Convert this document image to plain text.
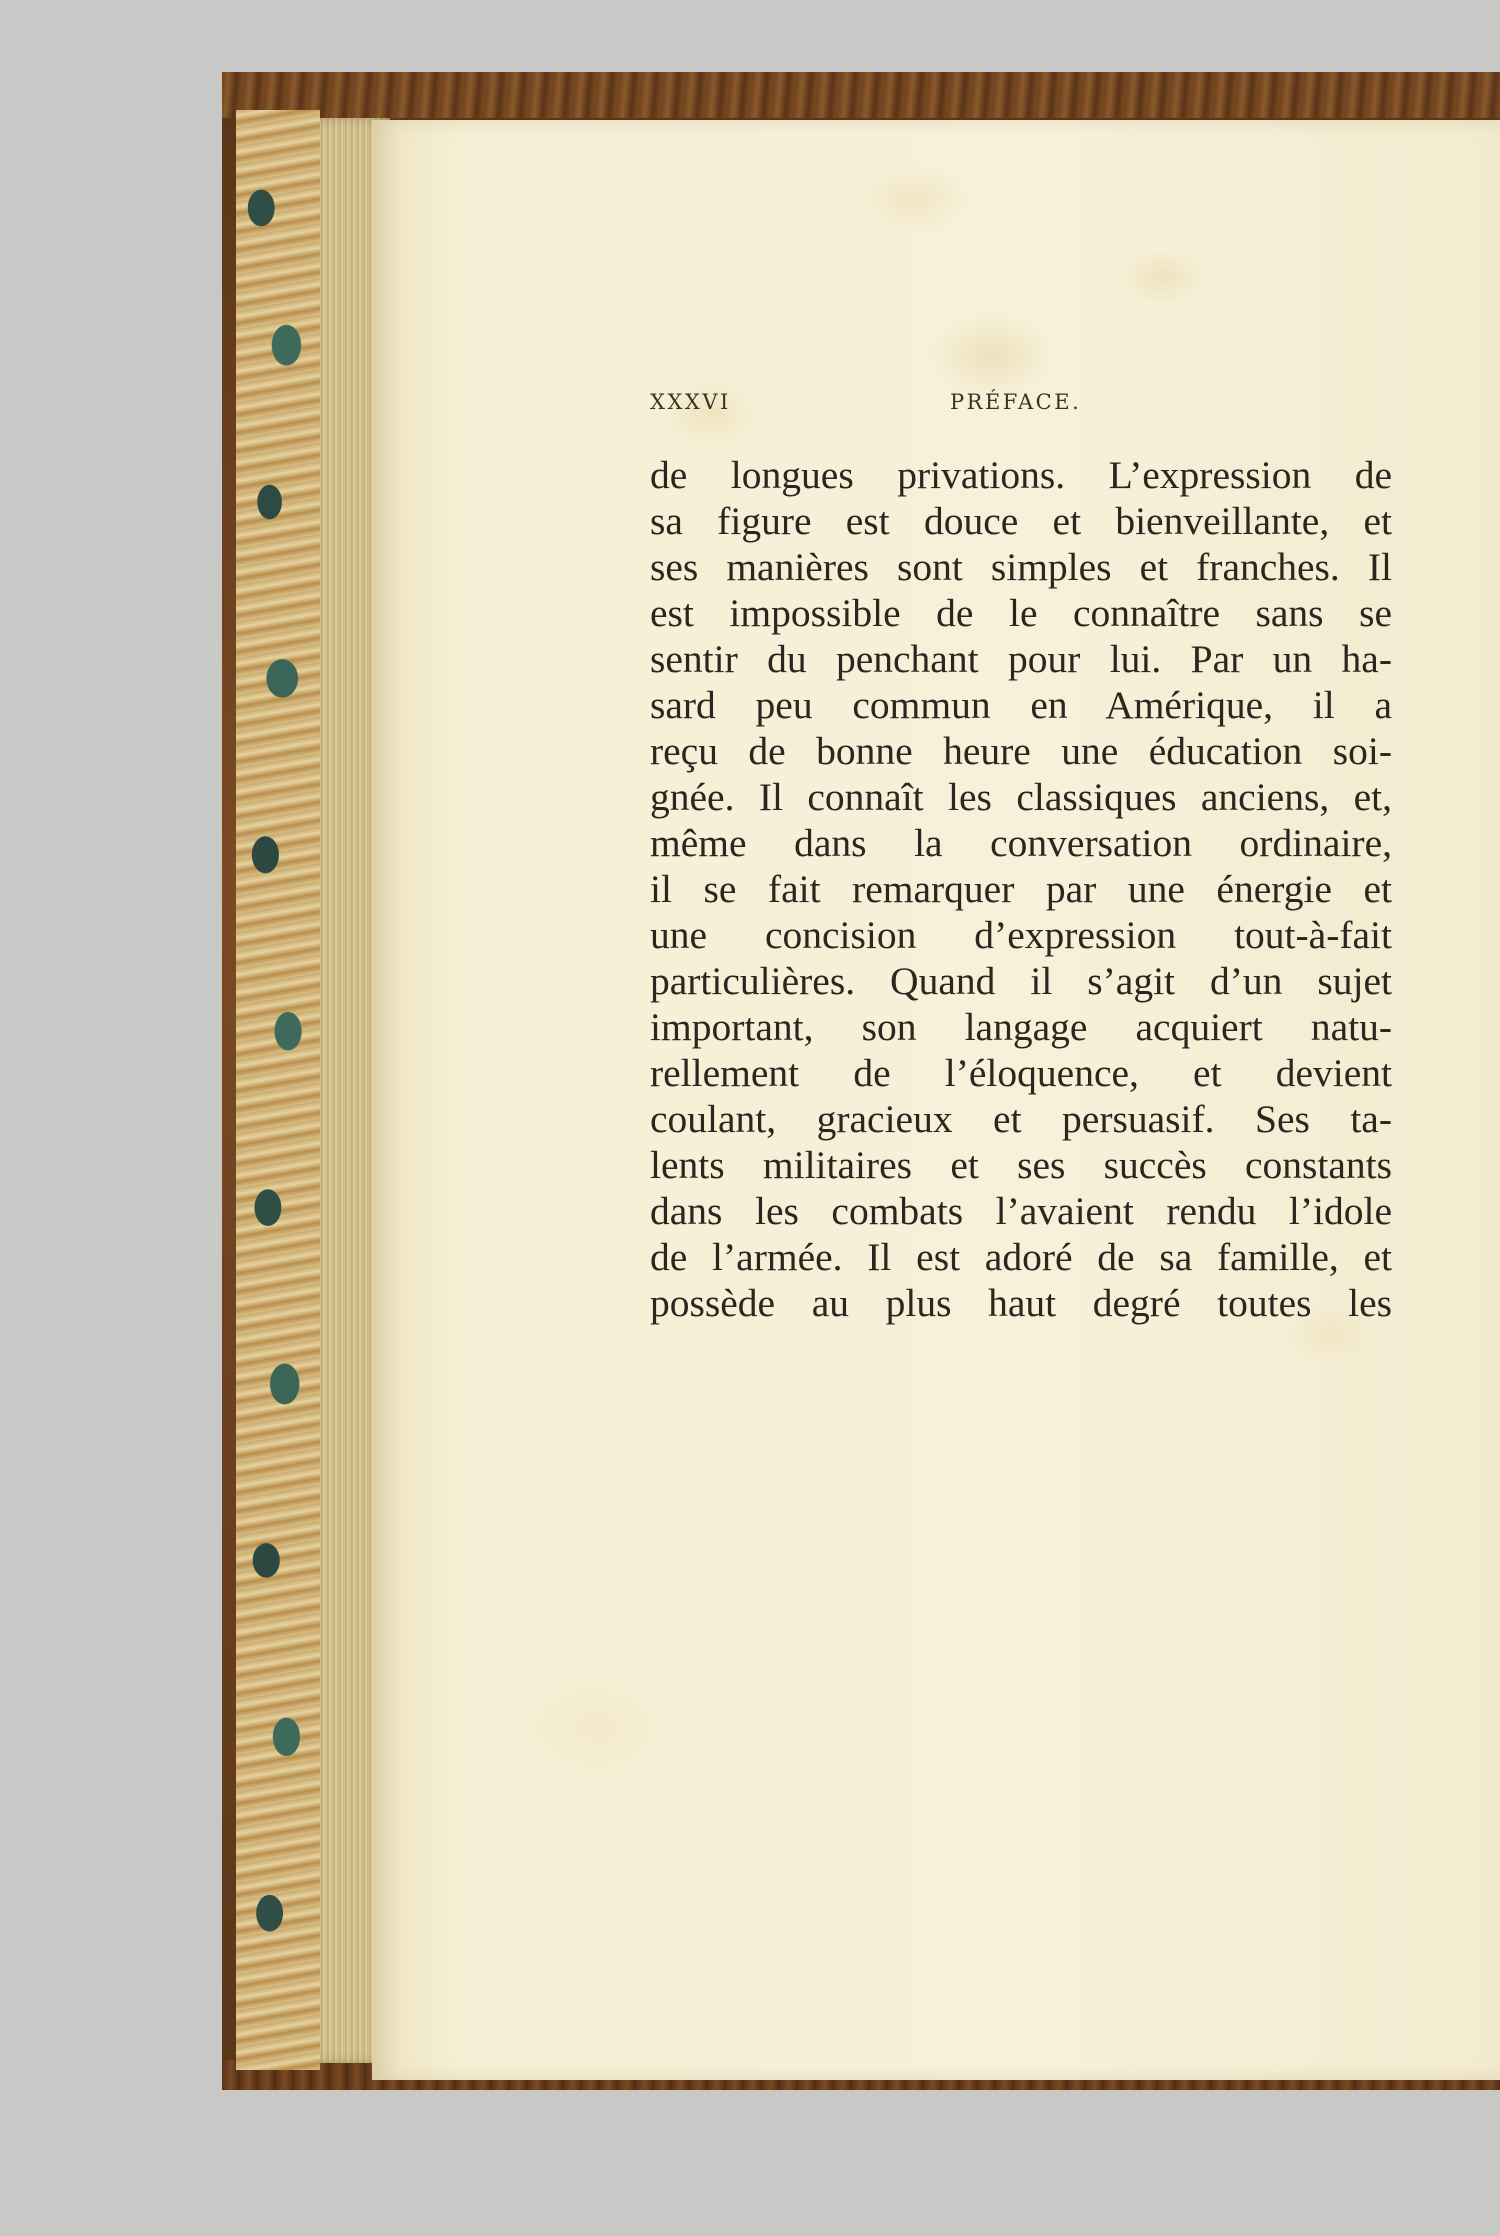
XXXVI	PRÉFACE.
de longues privations. L’expression de
sa figure est douce et bienveillante, et
ses manières sont simples et franches. Il
est impossible de le connaître sans se
sentir du penchant pour lui. Par un ha-
sard peu commun en Amérique, il a
reçu de bonne heure une éducation soi-
gnée. Il connaît les classiques anciens, et,
même dans la conversation ordinaire,
il se fait remarquer par une énergie et
une concision d’expression tout-à-fait
particulières. Quand il s’agit d’un sujet
important, son langage acquiert natu-
rellement de l’éloquence, et devient
coulant, gracieux et persuasif. Ses ta-
lents militaires et ses succès constants
dans les combats l’avaient rendu l’idole
de l’armée. Il est adoré de sa famille, et
possède au plus haut degré toutes les
